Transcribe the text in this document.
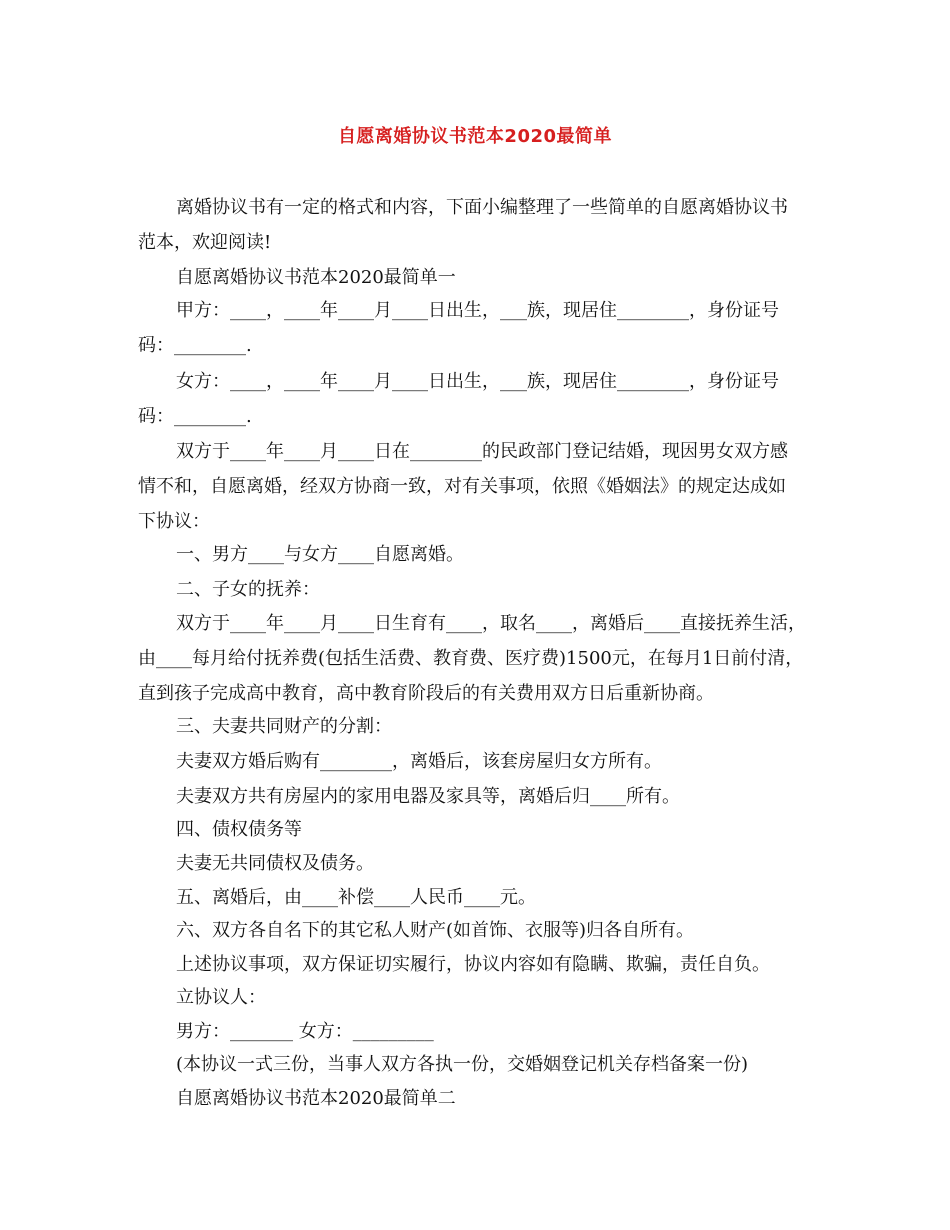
自愿离婚协议书范本2020最简单
离婚协议书有一定的格式和内容，下面小编整理了一些简单的自愿离婚协议书
范本，欢迎阅读!
自愿离婚协议书范本2020最简单一
甲方：____，____年____月____日出生，___族，现居住________，身份证号
码：________.
女方：____，____年____月____日出生，___族，现居住________，身份证号
码：________.
双方于____年____月____日在________的民政部门登记结婚，现因男女双方感
情不和，自愿离婚，经双方协商一致，对有关事项，依照《婚姻法》的规定达成如
下协议：
一、男方____与女方____自愿离婚。
二、子女的抚养：
双方于____年____月____日生育有____，取名____，离婚后____直接抚养生活，
由____每月给付抚养费(包括生活费、教育费、医疗费)1500元，在每月1日前付清，
直到孩子完成高中教育，高中教育阶段后的有关费用双方日后重新协商。
三、夫妻共同财产的分割：
夫妻双方婚后购有________，离婚后，该套房屋归女方所有。
夫妻双方共有房屋内的家用电器及家具等，离婚后归____所有。
四、债权债务等
夫妻无共同债权及债务。
五、离婚后，由____补偿____人民币____元。
六、双方各自名下的其它私人财产(如首饰、衣服等)归各自所有。
上述协议事项，双方保证切实履行，协议内容如有隐瞒、欺骗，责任自负。
立协议人：
男方：_______ 女方：_________
(本协议一式三份，当事人双方各执一份，交婚姻登记机关存档备案一份)
自愿离婚协议书范本2020最简单二
